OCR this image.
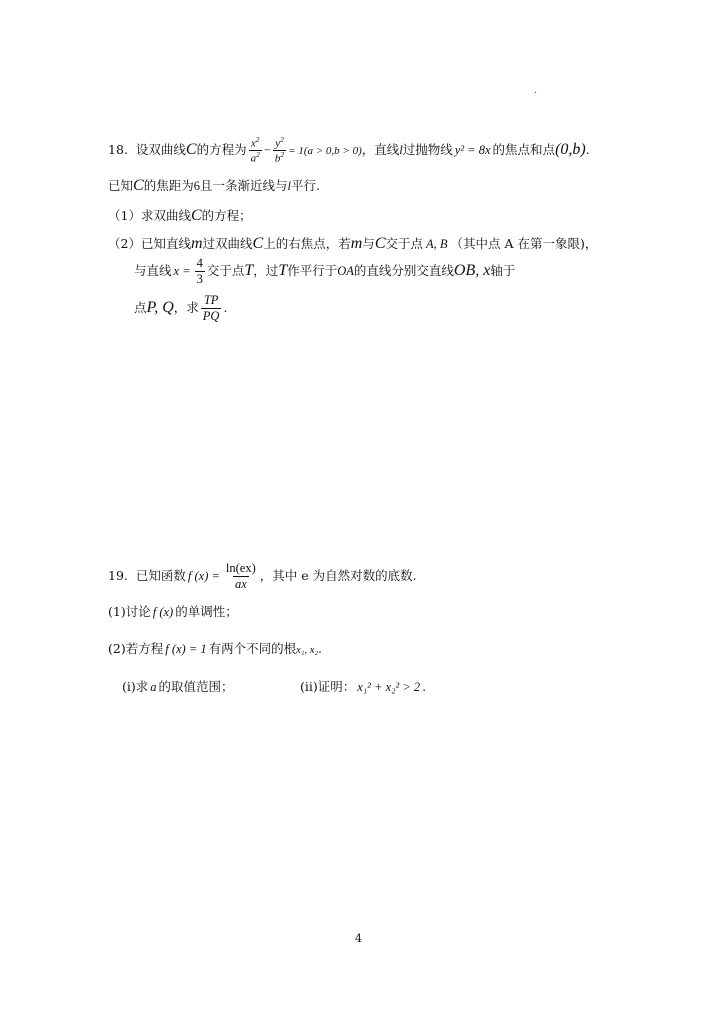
.
18. 设双曲线C的方程为 $\frac{x^2}{a^2} - \frac{y^2}{b^2} = 1(a > 0,b > 0)$，直线l过抛物线 y² = 8x 的焦点和点(0,b).
已知C的焦距为6且一条渐近线与l平行.
（1）求双曲线C的方程；
（2）已知直线m过双曲线C上的右焦点，若m与C交于点 A, B （其中点 A 在第一象限)，
与直线 $x = \frac{4}{3}$ 交于点T，过T作平行于OA的直线分别交直线OB, x轴于
点P, Q，求 $\frac{TP}{PQ}$ .
19. 已知函数 f $(x) = \frac{\ln(ex)}{ax}$ ，其中 e 为自然对数的底数.
(1)讨论 f (x) 的单调性；
(2)若方程 f (x) = 1 有两个不同的根x₁, x₂.
(i)求 a 的取值范围；	(ii)证明： x₁² + x₂² > 2 .
4
